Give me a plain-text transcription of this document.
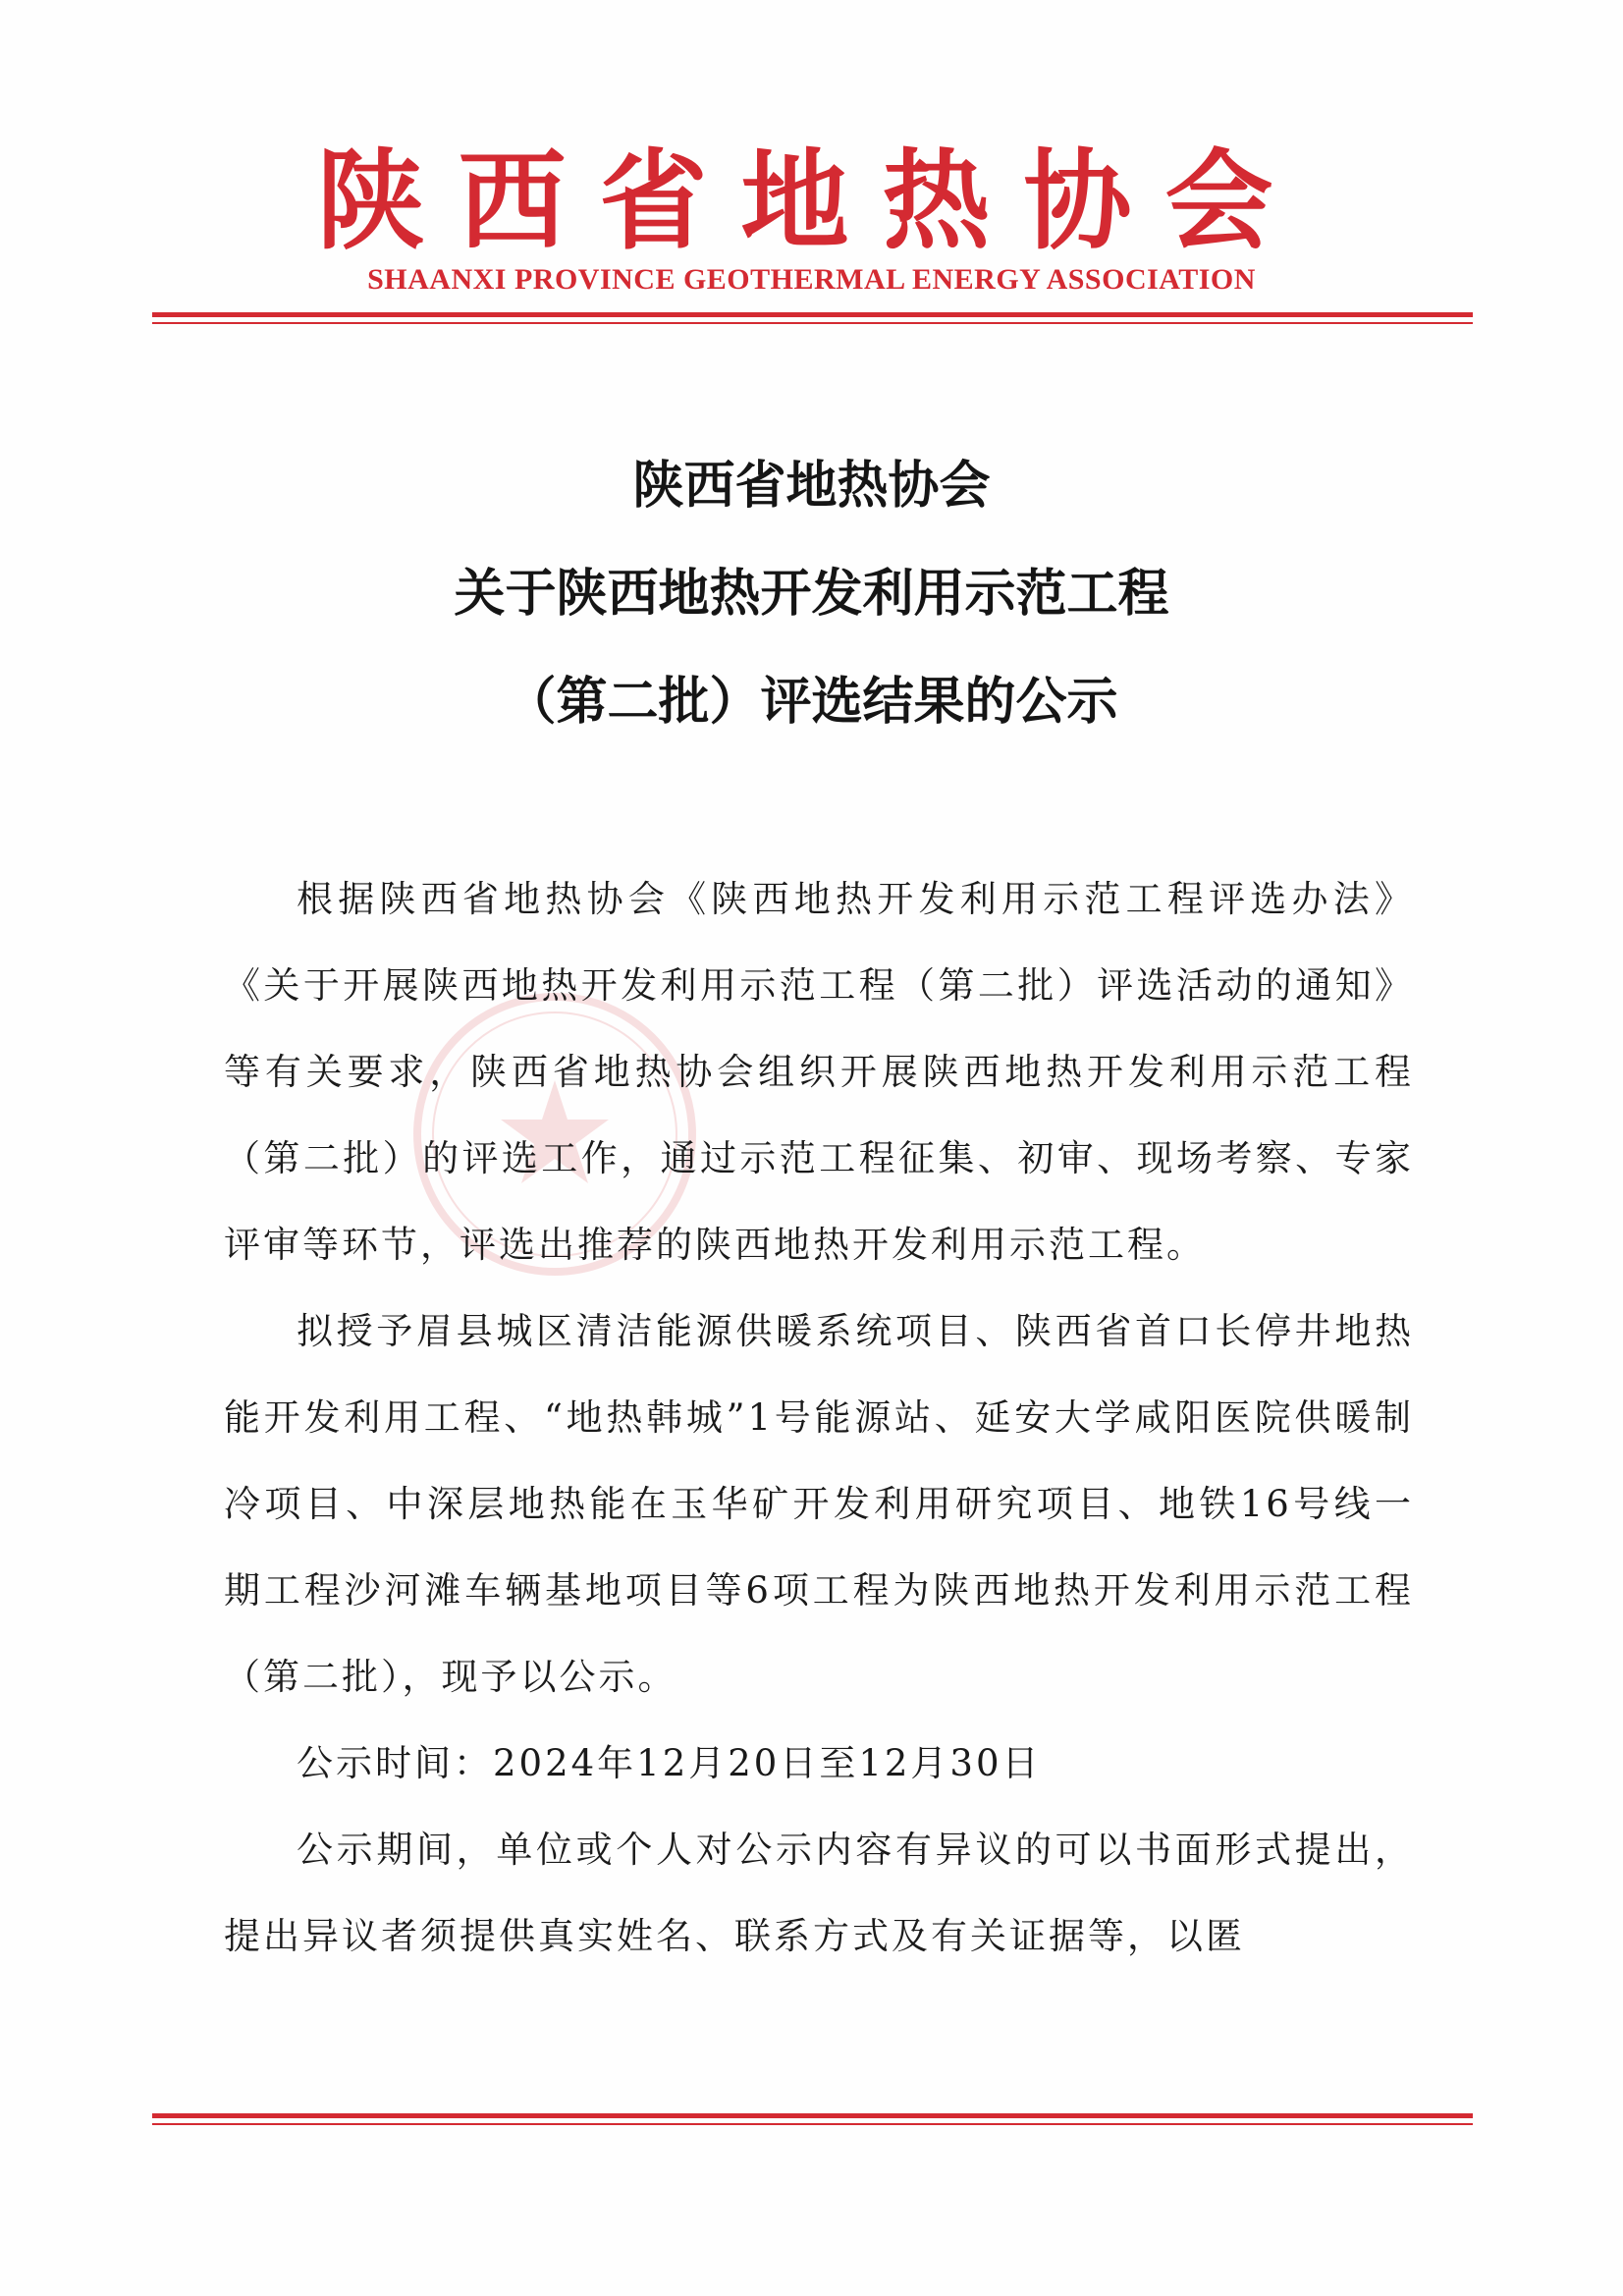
陕西省地热协会
SHAANXI PROVINCE GEOTHERMAL ENERGY ASSOCIATION
陕西省地热协会
关于陕西地热开发利用示范工程
（第二批）评选结果的公示

根据陕西省地热协会《陕西地热开发利用示范工程评选办法》《关于开展陕西地热开发利用示范工程（第二批）评选活动的通知》等有关要求，陕西省地热协会组织开展陕西地热开发利用示范工程（第二批）的评选工作，通过示范工程征集、初审、现场考察、专家评审等环节，评选出推荐的陕西地热开发利用示范工程。

拟授予眉县城区清洁能源供暖系统项目、陕西省首口长停井地热能开发利用工程、“地热韩城”1号能源站、延安大学咸阳医院供暖制冷项目、中深层地热能在玉华矿开发利用研究项目、地铁16号线一期工程沙河滩车辆基地项目等6项工程为陕西地热开发利用示范工程（第二批），现予以公示。

公示时间：2024年12月20日至12月30日

公示期间，单位或个人对公示内容有异议的可以书面形式提出，提出异议者须提供真实姓名、联系方式及有关证据等，以匿
